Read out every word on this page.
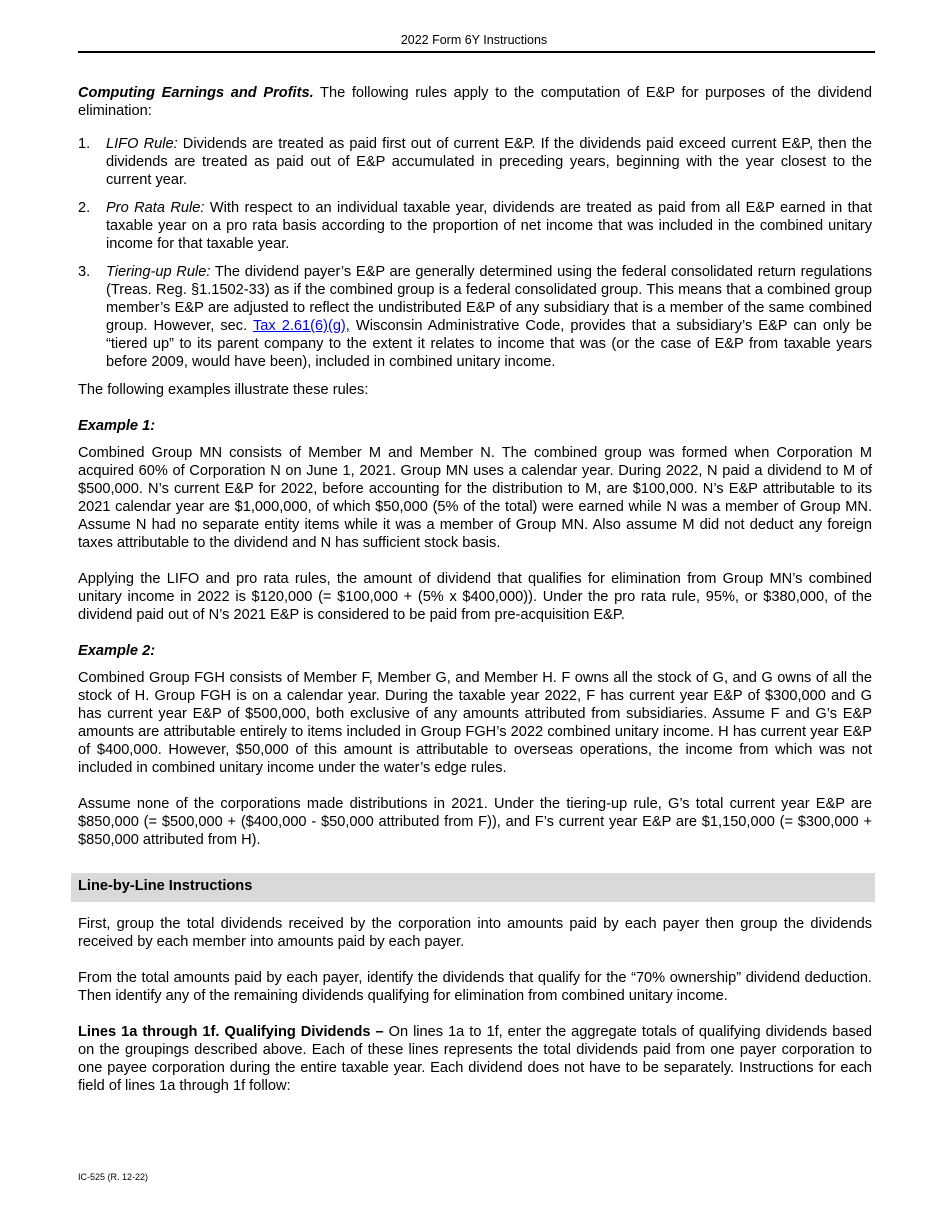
2022 Form 6Y Instructions

Computing Earnings and Profits. The following rules apply to the computation of E&P for purposes of the dividend elimination:

1. LIFO Rule: Dividends are treated as paid first out of current E&P. If the dividends paid exceed current E&P, then the dividends are treated as paid out of E&P accumulated in preceding years, beginning with the year closest to the current year.

2. Pro Rata Rule: With respect to an individual taxable year, dividends are treated as paid from all E&P earned in that taxable year on a pro rata basis according to the proportion of net income that was included in the combined unitary income for that taxable year.

3. Tiering-up Rule: The dividend payer’s E&P are generally determined using the federal consolidated return regulations (Treas. Reg. §1.1502-33) as if the combined group is a federal consolidated group. This means that a combined group member’s E&P are adjusted to reflect the undistributed E&P of any subsidiary that is a member of the same combined group. However, sec. Tax 2.61(6)(g), Wisconsin Administrative Code, provides that a subsidiary’s E&P can only be “tiered up” to its parent company to the extent it relates to income that was (or the case of E&P from taxable years before 2009, would have been), included in combined unitary income.

The following examples illustrate these rules:

Example 1:

Combined Group MN consists of Member M and Member N. The combined group was formed when Corporation M acquired 60% of Corporation N on June 1, 2021. Group MN uses a calendar year. During 2022, N paid a dividend to M of $500,000. N’s current E&P for 2022, before accounting for the distribution to M, are $100,000. N’s E&P attributable to its 2021 calendar year are $1,000,000, of which $50,000 (5% of the total) were earned while N was a member of Group MN. Assume N had no separate entity items while it was a member of Group MN. Also assume M did not deduct any foreign taxes attributable to the dividend and N has sufficient stock basis.

Applying the LIFO and pro rata rules, the amount of dividend that qualifies for elimination from Group MN’s combined unitary income in 2022 is $120,000 (= $100,000 + (5% x $400,000)). Under the pro rata rule, 95%, or $380,000, of the dividend paid out of N’s 2021 E&P is considered to be paid from pre-acquisition E&P.

Example 2:

Combined Group FGH consists of Member F, Member G, and Member H. F owns all the stock of G, and G owns of all the stock of H. Group FGH is on a calendar year. During the taxable year 2022, F has current year E&P of $300,000 and G has current year E&P of $500,000, both exclusive of any amounts attributed from subsidiaries. Assume F and G’s E&P amounts are attributable entirely to items included in Group FGH’s 2022 combined unitary income. H has current year E&P of $400,000. However, $50,000 of this amount is attributable to overseas operations, the income from which was not included in combined unitary income under the water’s edge rules.

Assume none of the corporations made distributions in 2021. Under the tiering-up rule, G’s total current year E&P are $850,000 (= $500,000 + ($400,000 - $50,000 attributed from F)), and F’s current year E&P are $1,150,000 (= $300,000 + $850,000 attributed from H).

Line-by-Line Instructions

First, group the total dividends received by the corporation into amounts paid by each payer then group the dividends received by each member into amounts paid by each payer.

From the total amounts paid by each payer, identify the dividends that qualify for the “70% ownership” dividend deduction. Then identify any of the remaining dividends qualifying for elimination from combined unitary income.

Lines 1a through 1f. Qualifying Dividends – On lines 1a to 1f, enter the aggregate totals of qualifying dividends based on the groupings described above. Each of these lines represents the total dividends paid from one payer corporation to one payee corporation during the entire taxable year. Each dividend does not have to be separately. Instructions for each field of lines 1a through 1f follow:

IC-525 (R. 12-22)
